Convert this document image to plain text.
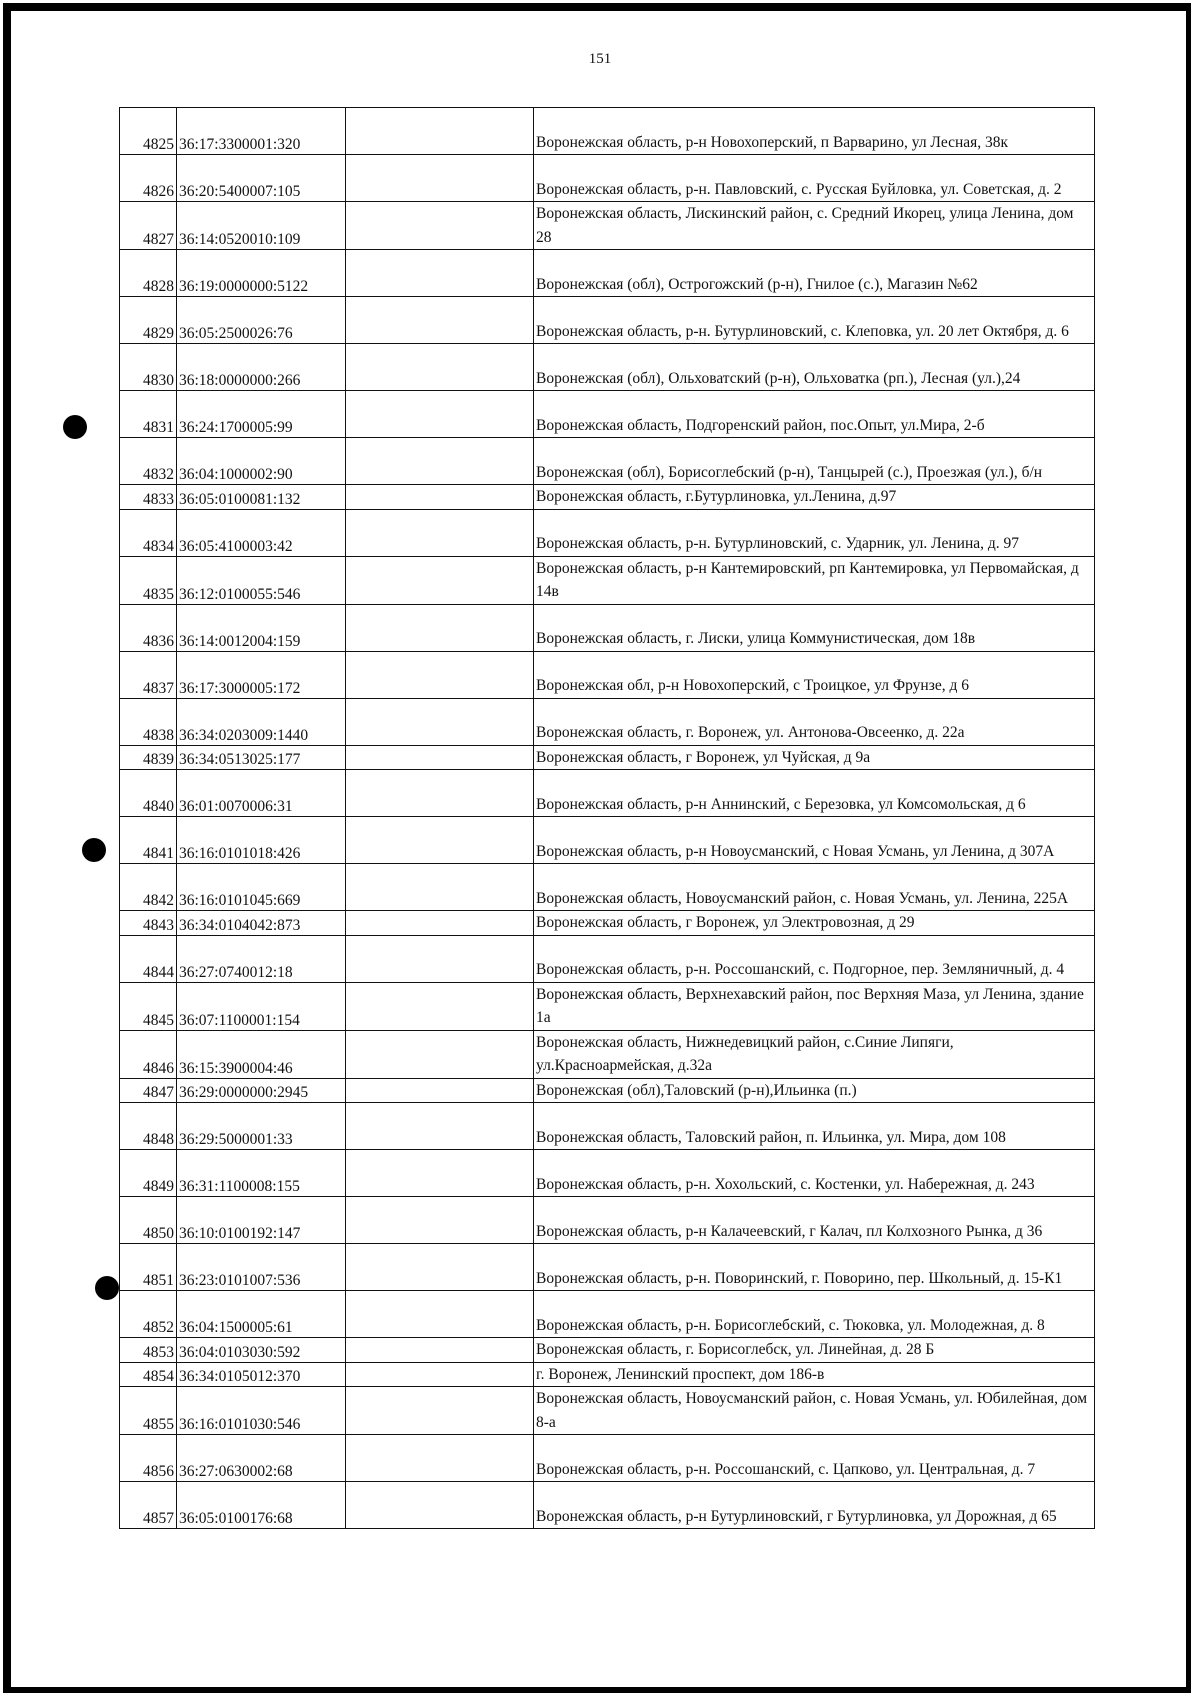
151
4825	36:17:3300001:320		Воронежская область, р-н Новохоперский, п Варварино, ул Лесная, 38к
4826	36:20:5400007:105		Воронежская область, р-н. Павловский, с. Русская Буйловка, ул. Советская, д. 2
4827	36:14:0520010:109		Воронежская область, Лискинский район, с. Средний Икорец, улица Ленина, дом 28
4828	36:19:0000000:5122		Воронежская (обл), Острогожский (р-н), Гнилое (с.), Магазин №62
4829	36:05:2500026:76		Воронежская область, р-н. Бутурлиновский, с. Клеповка, ул. 20 лет Октября, д. 6
4830	36:18:0000000:266		Воронежская (обл), Ольховатский (р-н), Ольховатка (рп.), Лесная (ул.),24
4831	36:24:1700005:99		Воронежская область, Подгоренский район, пос.Опыт, ул.Мира, 2-б
4832	36:04:1000002:90		Воронежская (обл), Борисоглебский (р-н), Танцырей (с.), Проезжая (ул.), б/н
4833	36:05:0100081:132		Воронежская область, г.Бутурлиновка, ул.Ленина, д.97
4834	36:05:4100003:42		Воронежская область, р-н. Бутурлиновский, с. Ударник, ул. Ленина, д. 97
4835	36:12:0100055:546		Воронежская область, р-н Кантемировский, рп Кантемировка, ул Первомайская, д 14в
4836	36:14:0012004:159		Воронежская область, г. Лиски, улица Коммунистическая, дом 18в
4837	36:17:3000005:172		Воронежская обл, р-н Новохоперский, с Троицкое, ул Фрунзе, д 6
4838	36:34:0203009:1440		Воронежская область, г. Воронеж, ул. Антонова-Овсеенко, д. 22а
4839	36:34:0513025:177		Воронежская область, г Воронеж, ул Чуйская, д 9а
4840	36:01:0070006:31		Воронежская область, р-н Аннинский, с Березовка, ул Комсомольская, д 6
4841	36:16:0101018:426		Воронежская область, р-н Новоусманский, с Новая Усмань, ул Ленина, д 307А
4842	36:16:0101045:669		Воронежская область, Новоусманский район, с. Новая Усмань, ул. Ленина, 225А
4843	36:34:0104042:873		Воронежская область, г Воронеж, ул Электровозная, д 29
4844	36:27:0740012:18		Воронежская область, р-н. Россошанский, с. Подгорное, пер. Земляничный, д. 4
4845	36:07:1100001:154		Воронежская область, Верхнехавский район, пос Верхняя Маза, ул Ленина, здание 1а
4846	36:15:3900004:46		Воронежская область, Нижнедевицкий район, с.Синие Липяги, ул.Красноармейская, д.32а
4847	36:29:0000000:2945		Воронежская (обл),Таловский (р-н),Ильинка (п.)
4848	36:29:5000001:33		Воронежская область, Таловский район, п. Ильинка, ул. Мира, дом 108
4849	36:31:1100008:155		Воронежская область, р-н. Хохольский, с. Костенки, ул. Набережная, д. 243
4850	36:10:0100192:147		Воронежская область, р-н Калачеевский, г Калач, пл Колхозного Рынка, д 36
4851	36:23:0101007:536		Воронежская область, р-н. Поворинский, г. Поворино, пер. Школьный, д. 15-К1
4852	36:04:1500005:61		Воронежская область, р-н. Борисоглебский, с. Тюковка, ул. Молодежная, д. 8
4853	36:04:0103030:592		Воронежская область, г. Борисоглебск, ул. Линейная, д. 28 Б
4854	36:34:0105012:370		г. Воронеж, Ленинский проспект, дом 186-в
4855	36:16:0101030:546		Воронежская область, Новоусманский район, с. Новая Усмань, ул. Юбилейная, дом 8-а
4856	36:27:0630002:68		Воронежская область, р-н. Россошанский, с. Цапково, ул. Центральная, д. 7
4857	36:05:0100176:68		Воронежская область, р-н Бутурлиновский, г Бутурлиновка, ул Дорожная, д 65
